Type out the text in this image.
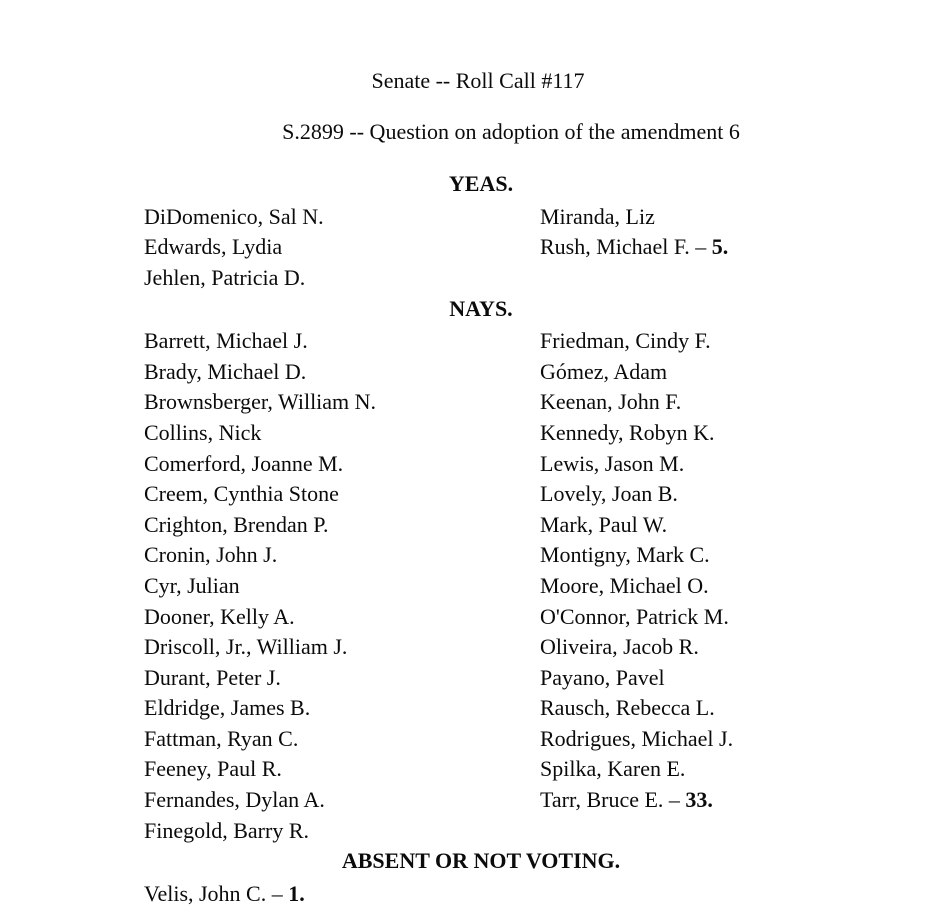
Senate -- Roll Call #117
S.2899 -- Question on adoption of the amendment 6
YEAS.
DiDomenico, Sal N.	Miranda, Liz
Edwards, Lydia	Rush, Michael F. – 5.
Jehlen, Patricia D.
NAYS.
Barrett, Michael J.	Friedman, Cindy F.
Brady, Michael D.	Gómez, Adam
Brownsberger, William N.	Keenan, John F.
Collins, Nick	Kennedy, Robyn K.
Comerford, Joanne M.	Lewis, Jason M.
Creem, Cynthia Stone	Lovely, Joan B.
Crighton, Brendan P.	Mark, Paul W.
Cronin, John J.	Montigny, Mark C.
Cyr, Julian	Moore, Michael O.
Dooner, Kelly A.	O'Connor, Patrick M.
Driscoll, Jr., William J.	Oliveira, Jacob R.
Durant, Peter J.	Payano, Pavel
Eldridge, James B.	Rausch, Rebecca L.
Fattman, Ryan C.	Rodrigues, Michael J.
Feeney, Paul R.	Spilka, Karen E.
Fernandes, Dylan A.	Tarr, Bruce E. – 33.
Finegold, Barry R.
ABSENT OR NOT VOTING.
Velis, John C. – 1.
